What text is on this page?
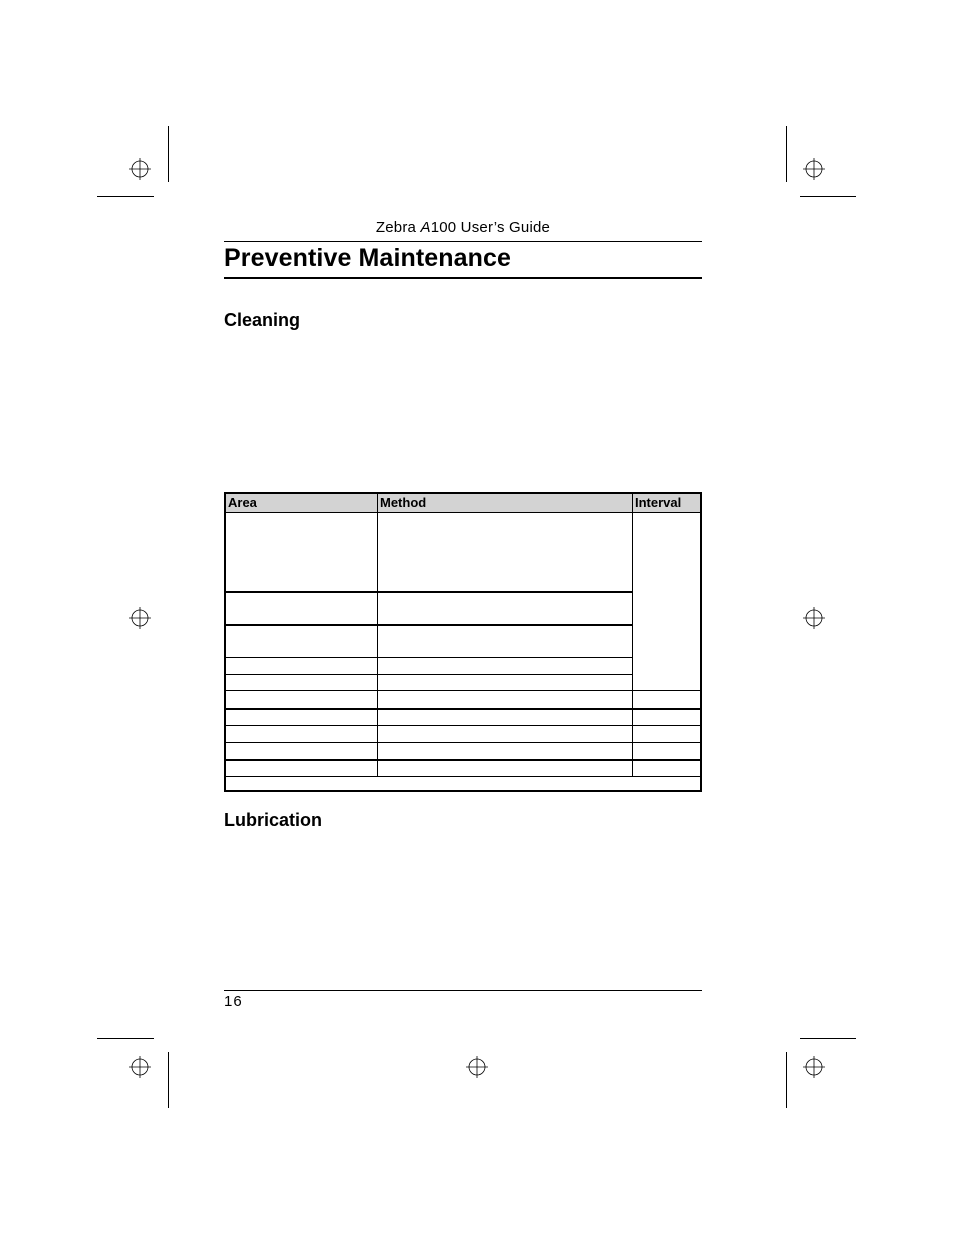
Zebra A100 User’s Guide
Preventive Maintenance
Cleaning
Area	Method	Interval
Lubrication
16
